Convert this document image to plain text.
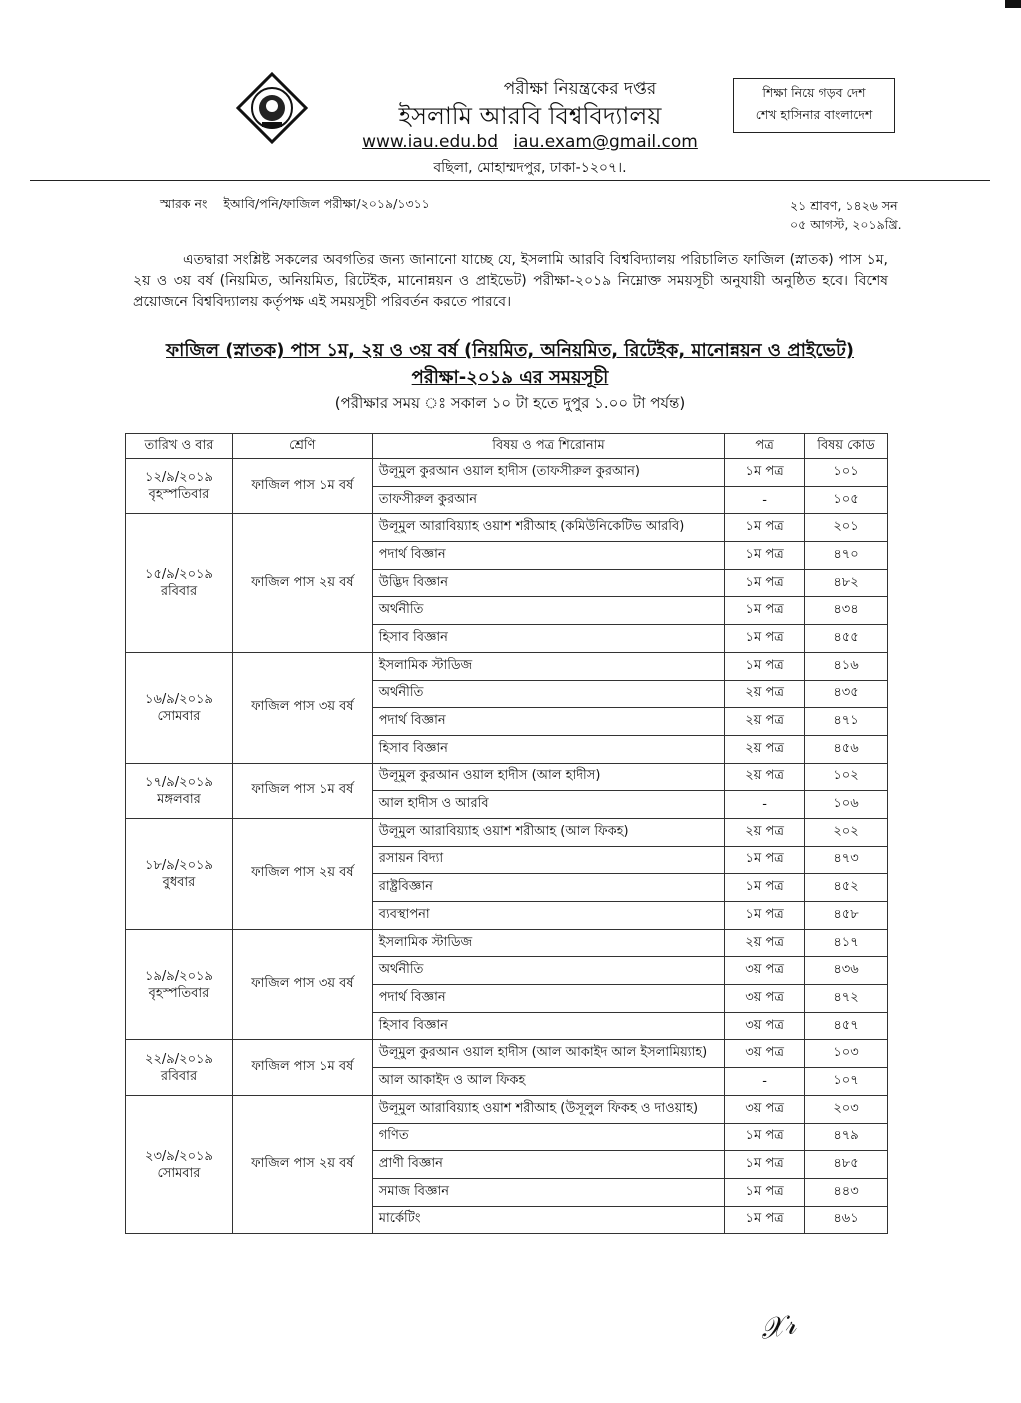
পরীক্ষা নিয়ন্ত্রকের দপ্তর
ইসলামি আরবি বিশ্ববিদ্যালয়
www.iau.edu.bd iau.exam@gmail.com
বছিলা, মোহাম্মদপুর, ঢাকা-১২০৭।.
শিক্ষা নিয়ে গড়ব দেশ
শেখ হাসিনার বাংলাদেশ
স্মারক নং ইআবি/পনি/ফাজিল পরীক্ষা/২০১৯/১৩১১	২১ শ্রাবণ, ১৪২৬ সন
০৫ আগস্ট, ২০১৯খ্রি.
এতদ্বারা সংশ্লিষ্ট সকলের অবগতির জন্য জানানো যাচ্ছে যে, ইসলামি আরবি বিশ্ববিদ্যালয় পরিচালিত ফাজিল (স্নাতক) পাস ১ম, ২য় ও ৩য় বর্ষ (নিয়মিত, অনিয়মিত, রিটেইক, মানোন্নয়ন ও প্রাইভেট) পরীক্ষা-২০১৯ নিম্নোক্ত সময়সূচী অনুযায়ী অনুষ্ঠিত হবে। বিশেষ প্রয়োজনে বিশ্ববিদ্যালয় কর্তৃপক্ষ এই সময়সূচী পরিবর্তন করতে পারবে।
ফাজিল (স্নাতক) পাস ১ম, ২য় ও ৩য় বর্ষ (নিয়মিত, অনিয়মিত, রিটেইক, মানোন্নয়ন ও প্রাইভেট)
পরীক্ষা-২০১৯ এর সময়সূচী
(পরীক্ষার সময় ঃ সকাল ১০ টা হতে দুপুর ১.০০ টা পর্যন্ত)
তারিখ ও বার	শ্রেণি	বিষয় ও পত্র শিরোনাম	পত্র	বিষয় কোড

১২/৯/২০১৯
বৃহস্পতিবার	ফাজিল পাস ১ম বর্ষ	উলূমুল কুরআন ওয়াল হাদীস (তাফসীরুল কুরআন)	১ম পত্র	১০১
		তাফসীরুল কুরআন	-	১০৫

১৫/৯/২০১৯
রবিবার	ফাজিল পাস ২য় বর্ষ	উলূমুল আরাবিয়্যাহ ওয়াশ শরীআহ (কমিউনিকেটিভ আরবি)	১ম পত্র	২০১
		পদার্থ বিজ্ঞান	১ম পত্র	৪৭০
		উদ্ভিদ বিজ্ঞান	১ম পত্র	৪৮২
		অর্থনীতি	১ম পত্র	৪৩৪
		হিসাব বিজ্ঞান	১ম পত্র	৪৫৫

১৬/৯/২০১৯
সোমবার	ফাজিল পাস ৩য় বর্ষ	ইসলামিক স্টাডিজ	১ম পত্র	৪১৬
		অর্থনীতি	২য় পত্র	৪৩৫
		পদার্থ বিজ্ঞান	২য় পত্র	৪৭১
		হিসাব বিজ্ঞান	২য় পত্র	৪৫৬

১৭/৯/২০১৯
মঙ্গলবার	ফাজিল পাস ১ম বর্ষ	উলূমুল কুরআন ওয়াল হাদীস (আল হাদীস)	২য় পত্র	১০২
		আল হাদীস ও আরবি	-	১০৬

১৮/৯/২০১৯
বুধবার	ফাজিল পাস ২য় বর্ষ	উলূমুল আরাবিয়্যাহ ওয়াশ শরীআহ (আল ফিকহ)	২য় পত্র	২০২
		রসায়ন বিদ্যা	১ম পত্র	৪৭৩
		রাষ্ট্রবিজ্ঞান	১ম পত্র	৪৫২
		ব্যবস্থাপনা	১ম পত্র	৪৫৮

১৯/৯/২০১৯
বৃহস্পতিবার	ফাজিল পাস ৩য় বর্ষ	ইসলামিক স্টাডিজ	২য় পত্র	৪১৭
		অর্থনীতি	৩য় পত্র	৪৩৬
		পদার্থ বিজ্ঞান	৩য় পত্র	৪৭২
		হিসাব বিজ্ঞান	৩য় পত্র	৪৫৭

২২/৯/২০১৯
রবিবার	ফাজিল পাস ১ম বর্ষ	উলূমুল কুরআন ওয়াল হাদীস (আল আকাইদ আল ইসলামিয়্যাহ)	৩য় পত্র	১০৩
		আল আকাইদ ও আল ফিকহ	-	১০৭

২৩/৯/২০১৯
সোমবার	ফাজিল পাস ২য় বর্ষ	উলূমুল আরাবিয়্যাহ ওয়াশ শরীআহ (উসূলুল ফিকহ ও দাওয়াহ)	৩য় পত্র	২০৩
		গণিত	১ম পত্র	৪৭৯
		প্রাণী বিজ্ঞান	১ম পত্র	৪৮৫
		সমাজ বিজ্ঞান	১ম পত্র	৪৪৩
		মার্কেটিং	১ম পত্র	৪৬১
𝒳𝓇
